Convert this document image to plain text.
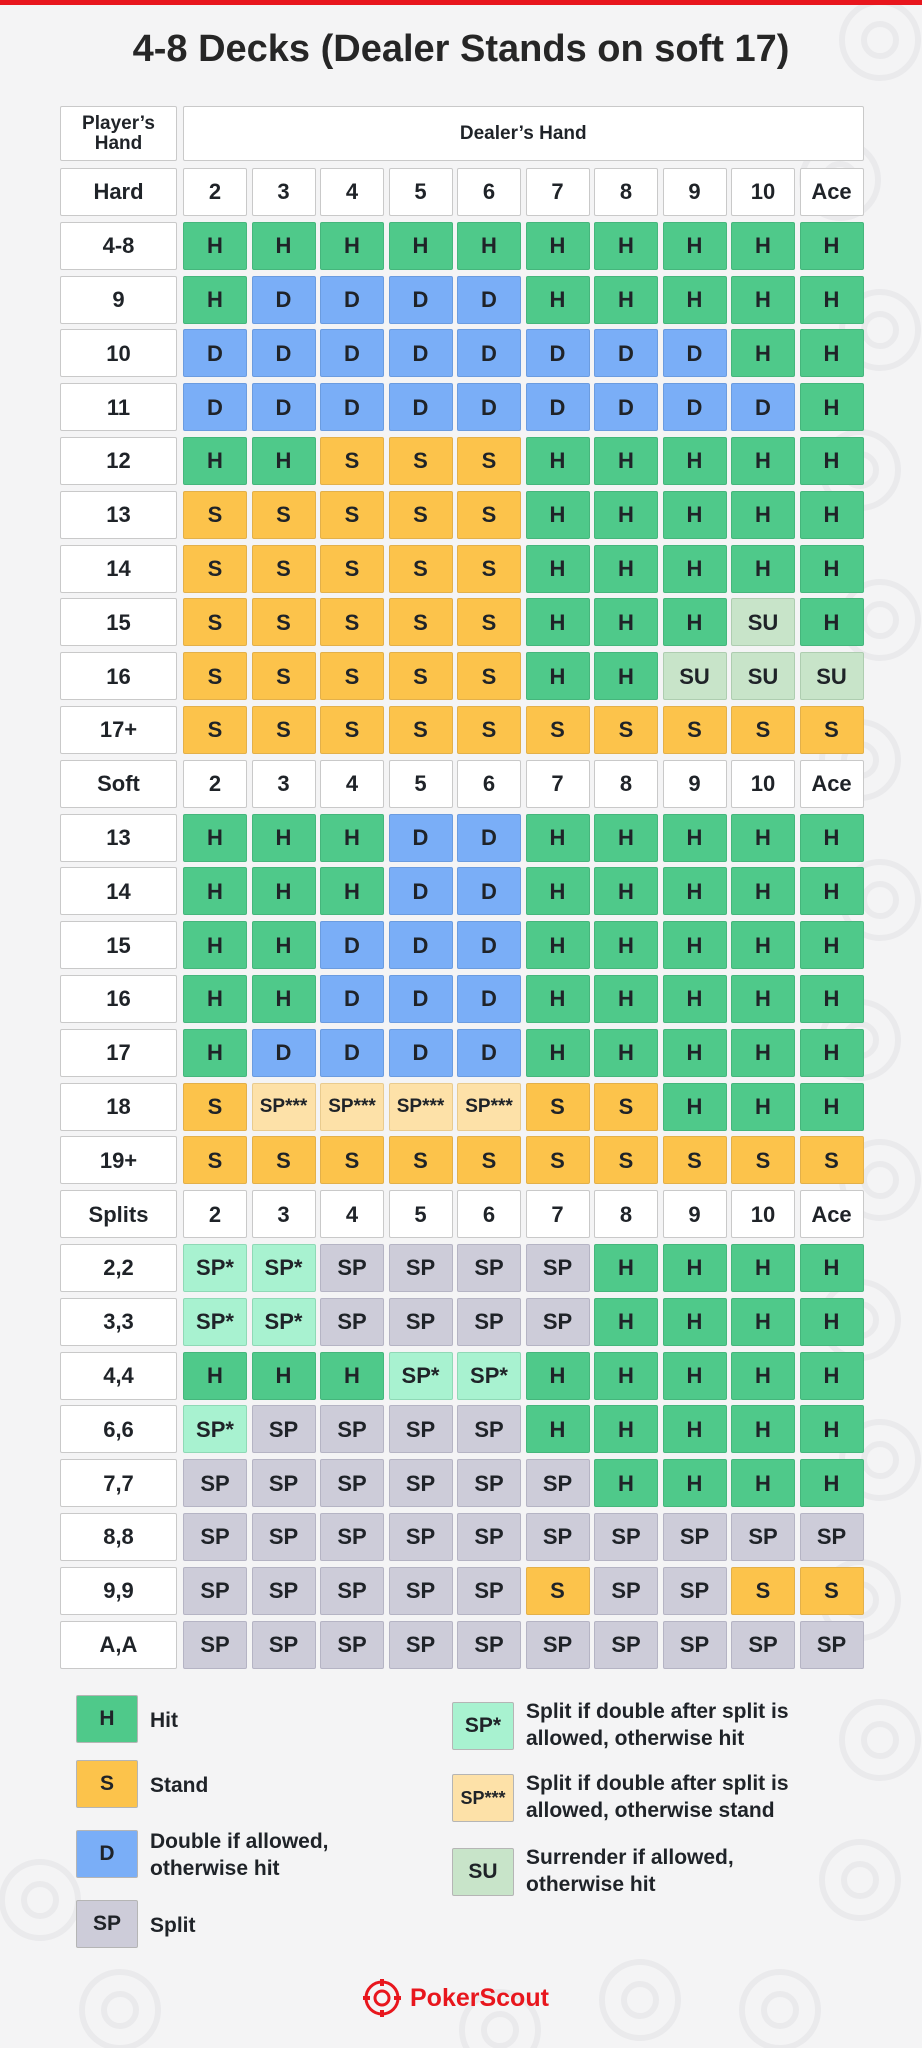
4-8 Decks (Dealer Stands on soft 17)
Player’s Hand	Dealer’s Hand
Hard	2	3	4	5	6	7	8	9	10	Ace
4-8	H	H	H	H	H	H	H	H	H	H
9	H	D	D	D	D	H	H	H	H	H
10	D	D	D	D	D	D	D	D	H	H
11	D	D	D	D	D	D	D	D	D	H
12	H	H	S	S	S	H	H	H	H	H
13	S	S	S	S	S	H	H	H	H	H
14	S	S	S	S	S	H	H	H	H	H
15	S	S	S	S	S	H	H	H	SU	H
16	S	S	S	S	S	H	H	SU	SU	SU
17+	S	S	S	S	S	S	S	S	S	S
Soft	2	3	4	5	6	7	8	9	10	Ace
13	H	H	H	D	D	H	H	H	H	H
14	H	H	H	D	D	H	H	H	H	H
15	H	H	D	D	D	H	H	H	H	H
16	H	H	D	D	D	H	H	H	H	H
17	H	D	D	D	D	H	H	H	H	H
18	S	SP***	SP***	SP***	SP***	S	S	H	H	H
19+	S	S	S	S	S	S	S	S	S	S
Splits	2	3	4	5	6	7	8	9	10	Ace
2,2	SP*	SP*	SP	SP	SP	SP	H	H	H	H
3,3	SP*	SP*	SP	SP	SP	SP	H	H	H	H
4,4	H	H	H	SP*	SP*	H	H	H	H	H
6,6	SP*	SP	SP	SP	SP	H	H	H	H	H
7,7	SP	SP	SP	SP	SP	SP	H	H	H	H
8,8	SP	SP	SP	SP	SP	SP	SP	SP	SP	SP
9,9	SP	SP	SP	SP	SP	S	SP	SP	S	S
A,A	SP	SP	SP	SP	SP	SP	SP	SP	SP	SP
H	Hit
S	Stand
D
Double if allowed, otherwise hit
SP	Split
SP*
Split if double after split is allowed, otherwise hit
SP***
Split if double after split is allowed, otherwise stand
SU
Surrender if allowed, otherwise hit
PokerScout
